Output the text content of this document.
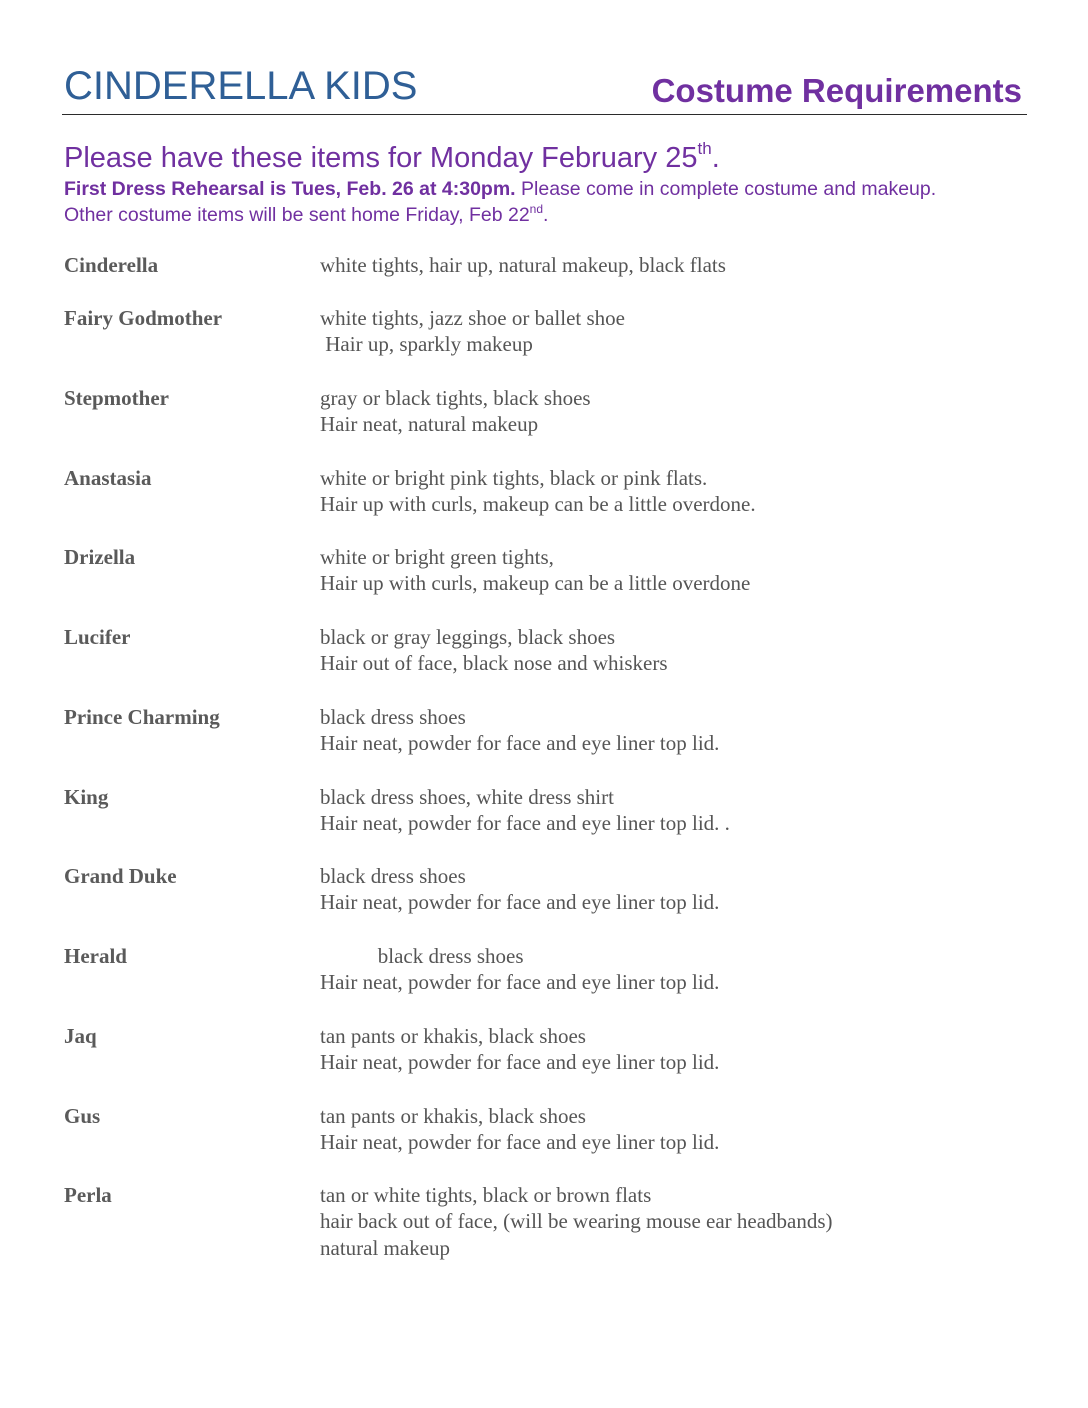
CINDERELLA KIDS	Costume Requirements
Please have these items for Monday February 25th.
First Dress Rehearsal is Tues, Feb. 26 at 4:30pm. Please come in complete costume and makeup.
Other costume items will be sent home Friday, Feb 22nd.
Cinderella	white tights, hair up, natural makeup, black flats
Fairy Godmother	white tights, jazz shoe or ballet shoe
Hair up, sparkly makeup
Stepmother	gray or black tights, black shoes
Hair neat, natural makeup
Anastasia	white or bright pink tights, black or pink flats.
Hair up with curls, makeup can be a little overdone.
Drizella	white or bright green tights,
Hair up with curls, makeup can be a little overdone
Lucifer	black or gray leggings, black shoes
Hair out of face, black nose and whiskers
Prince Charming	black dress shoes
Hair neat, powder for face and eye liner top lid.
King	black dress shoes, white dress shirt
Hair neat, powder for face and eye liner top lid. .
Grand Duke	black dress shoes
Hair neat, powder for face and eye liner top lid.
Herald	black dress shoes
Hair neat, powder for face and eye liner top lid.
Jaq	tan pants or khakis, black shoes
Hair neat, powder for face and eye liner top lid.
Gus	tan pants or khakis, black shoes
Hair neat, powder for face and eye liner top lid.
Perla	tan or white tights, black or brown flats
hair back out of face, (will be wearing mouse ear headbands)
natural makeup
